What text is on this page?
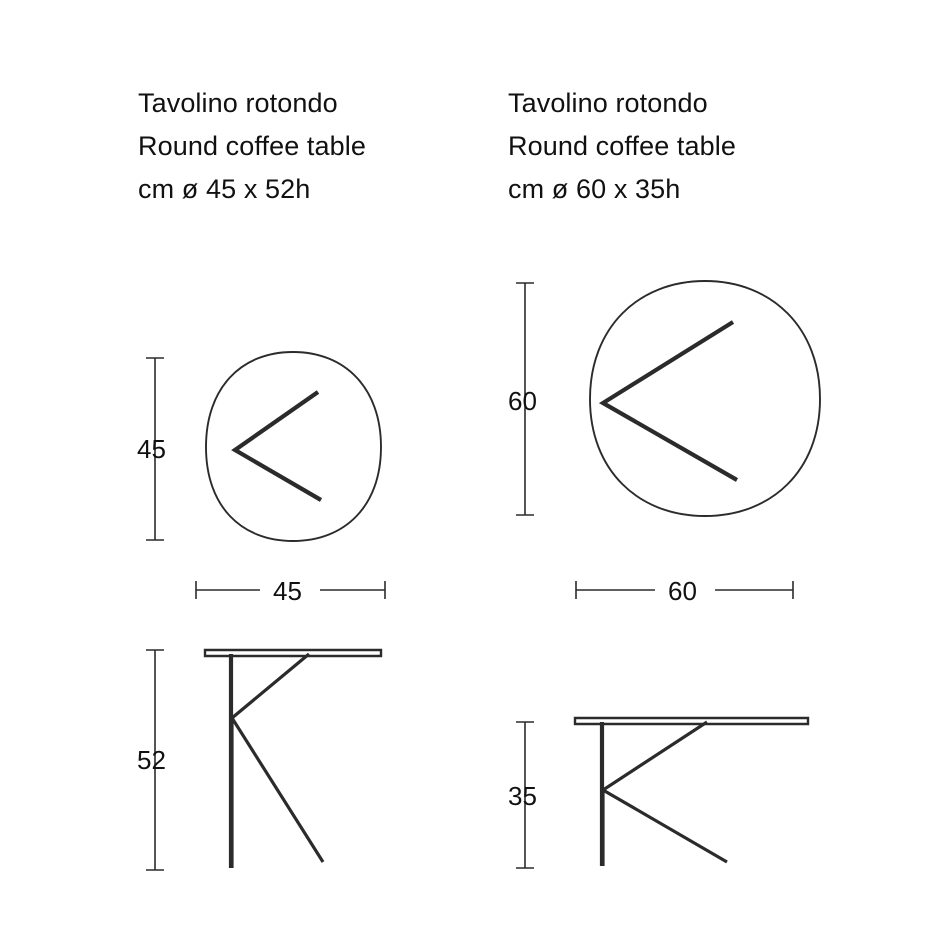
Tavolino rotondo
Round coffee table
cm ø 45 x 52h
45
45
52
Tavolino rotondo
Round coffee table
cm ø 60 x 35h
60
60
35
